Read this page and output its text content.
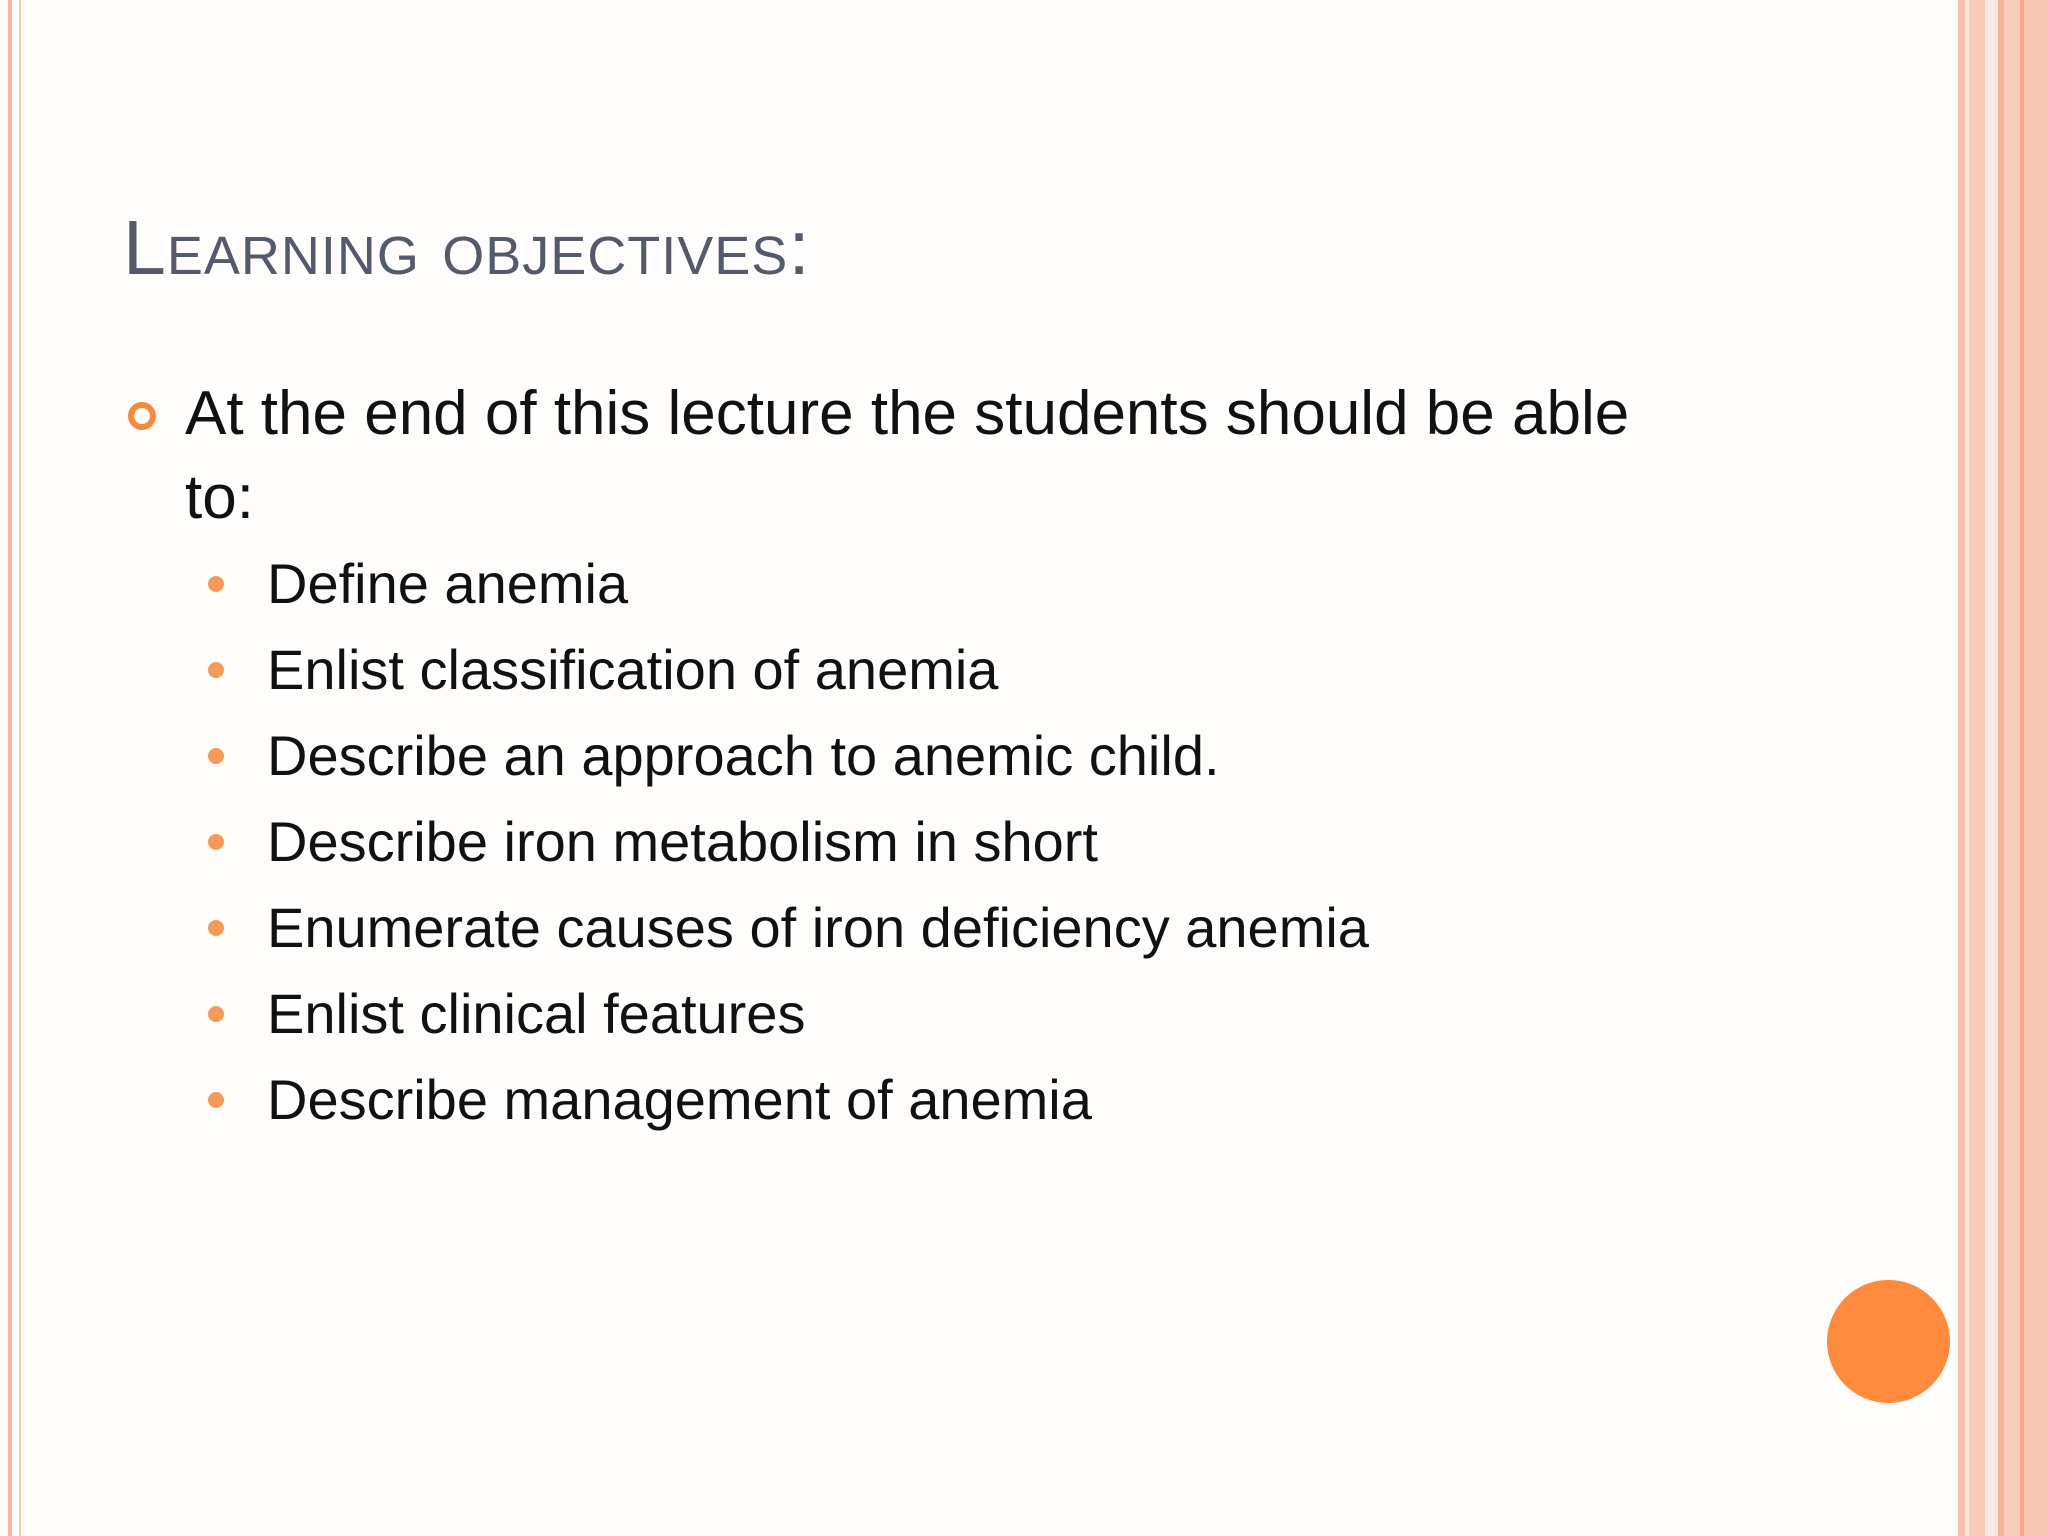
Learning objectives:
At the end of this lecture the students should be able to:
Define anemia
Enlist classification of anemia
Describe an approach to anemic child.
Describe iron metabolism in short
Enumerate causes of iron deficiency anemia
Enlist clinical features
Describe management of anemia
